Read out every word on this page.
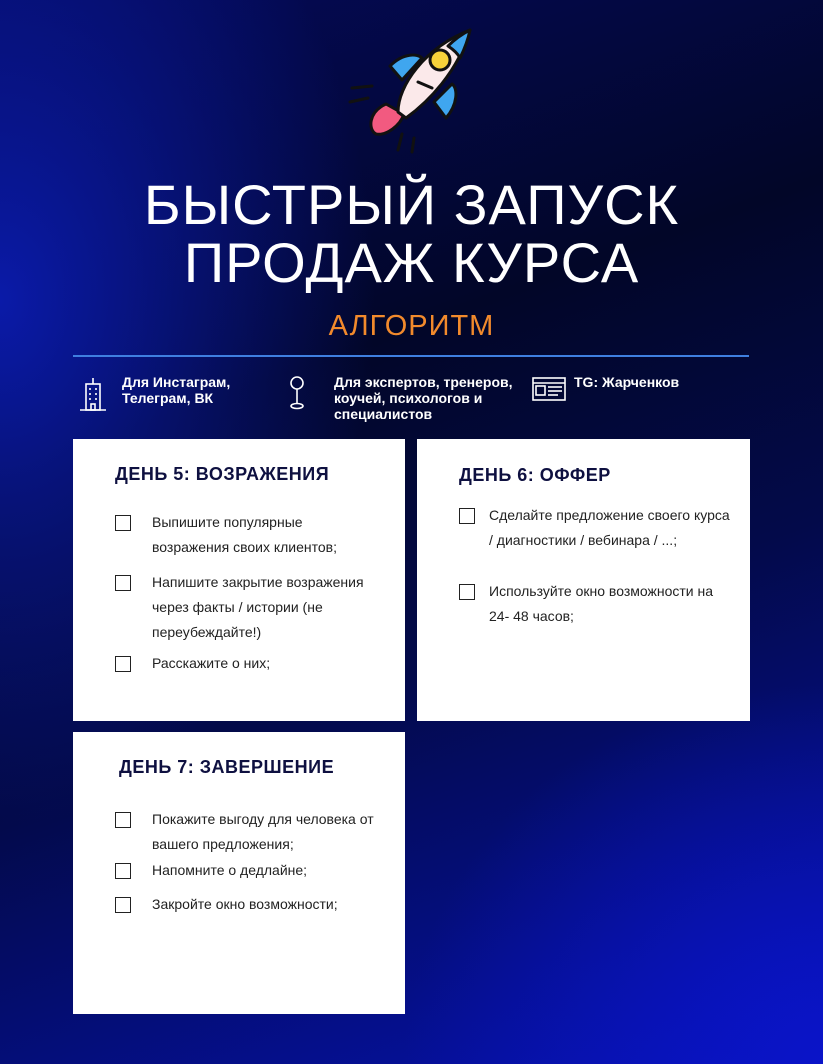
БЫСТРЫЙ ЗАПУСК
ПРОДАЖ КУРСА
АЛГОРИТМ
Для Инстаграм, Телеграм, ВК
Для экспертов, тренеров, коучей, психологов и специалистов
TG: Жарченков
ДЕНЬ 5: ВОЗРАЖЕНИЯ
Выпишите популярные возражения своих клиентов;
Напишите закрытие возражения через факты / истории (не переубеждайте!)
Расскажите о них;
ДЕНЬ 6: ОФФЕР
Сделайте предложение своего курса / диагностики / вебинара / ...;
Используйте окно возможности на 24- 48 часов;
ДЕНЬ 7: ЗАВЕРШЕНИЕ
Покажите выгоду для человека от вашего предложения;
Напомните о дедлайне;
Закройте окно возможности;
